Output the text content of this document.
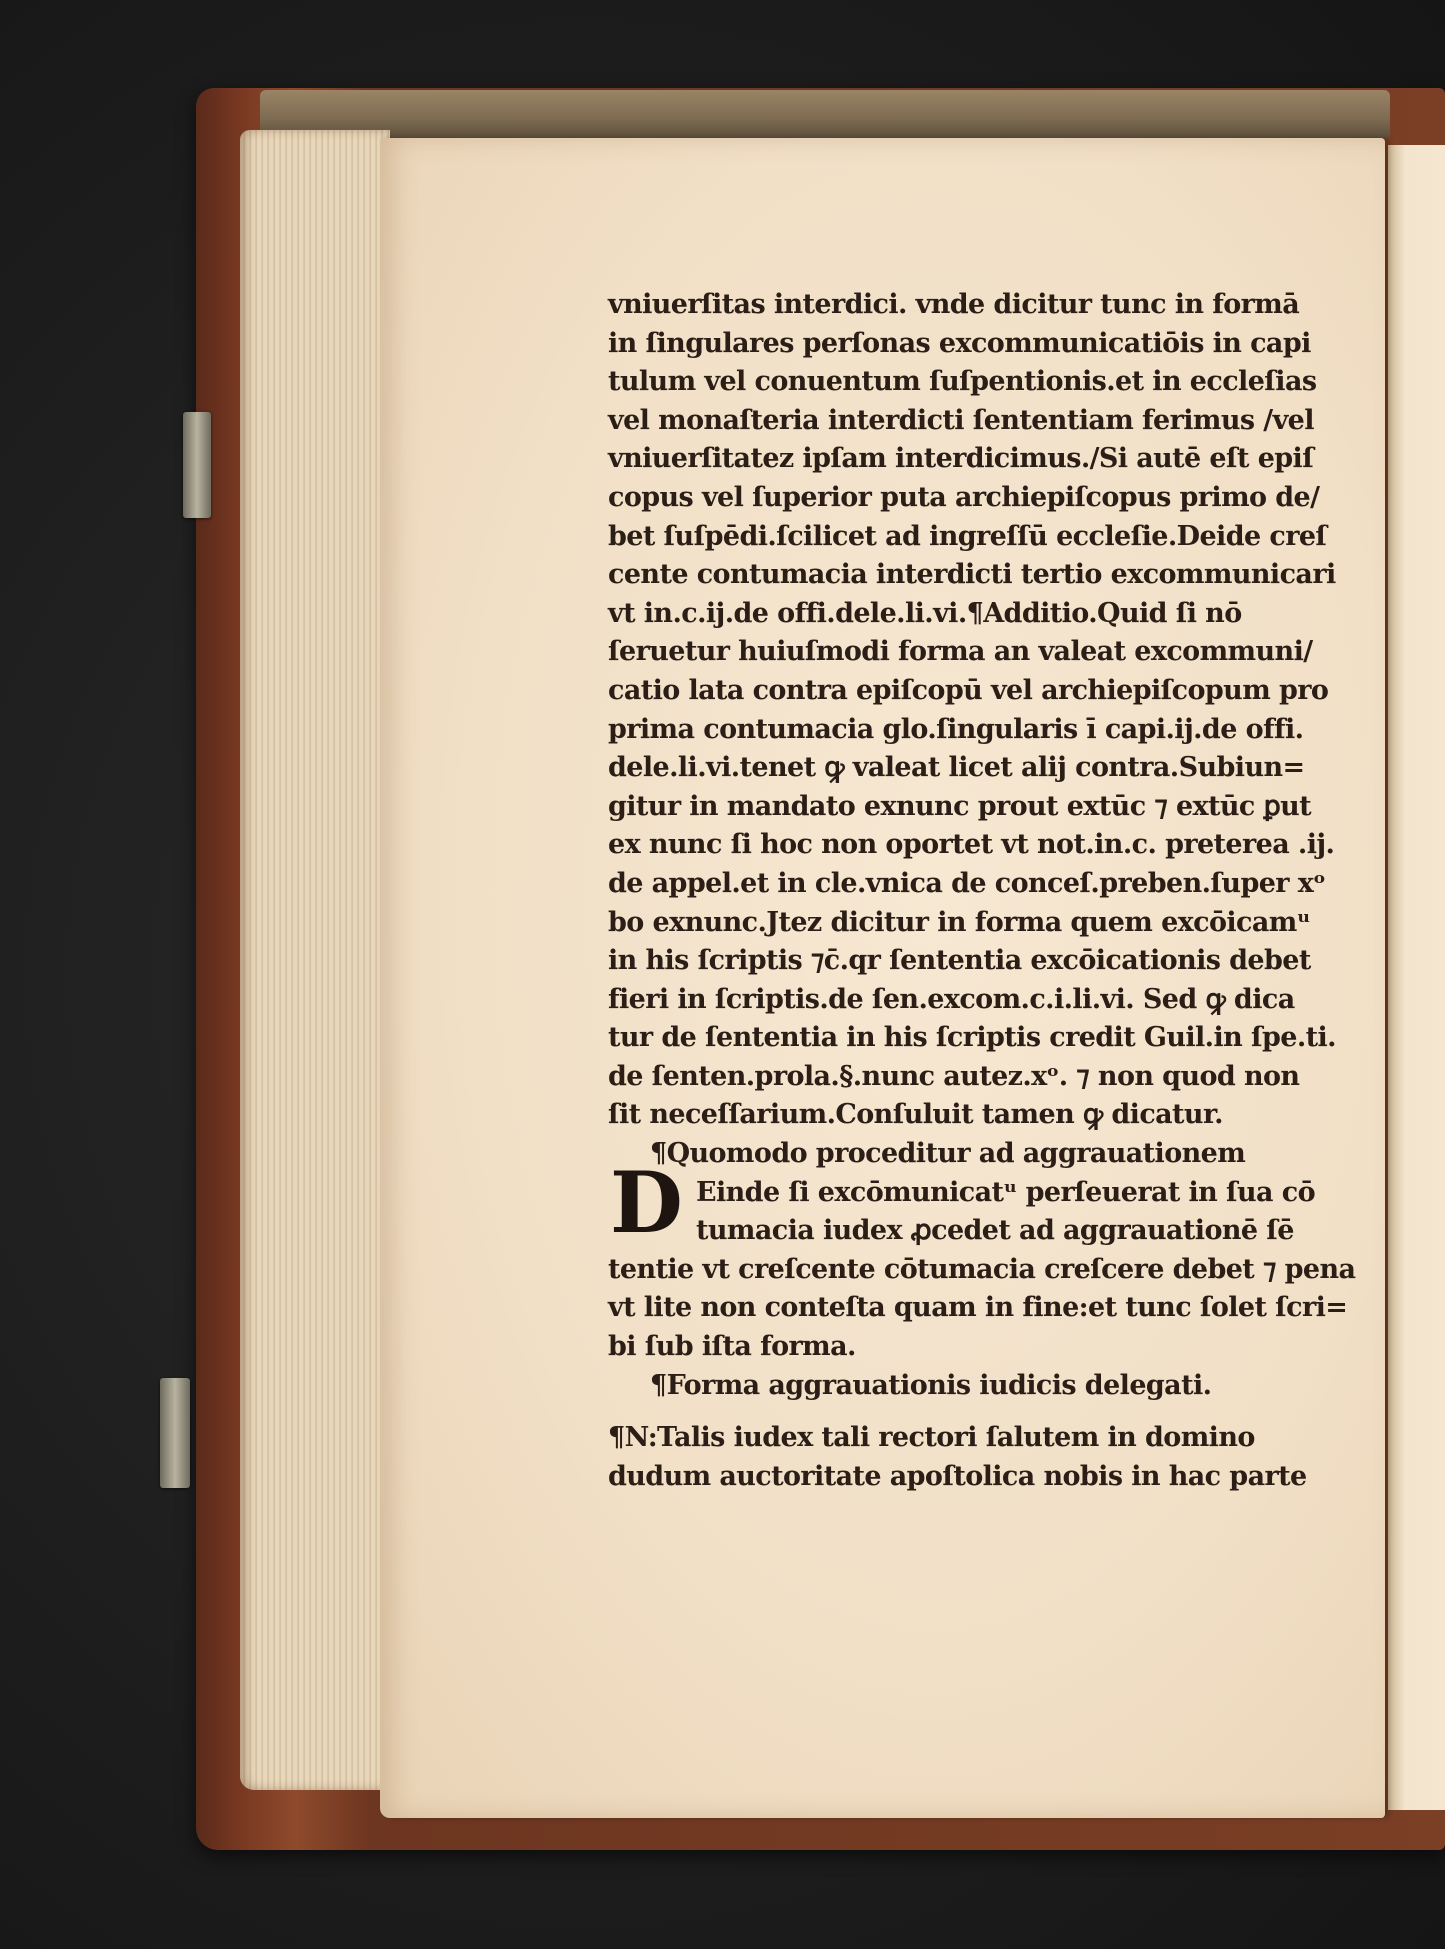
vniuerſitas interdici. vnde dicitur tunc in formā
in ſingulares perſonas excommunicatiōis in capi
tulum vel conuentum ſuſpentionis.et in eccleſias
vel monaſteria interdicti ſententiam ferimus /vel
vniuerſitatez ipſam interdicimus./Si autē eſt epiſ
copus vel ſuperior puta archiepiſcopus primo de/
bet ſuſpēdi.ſcilicet ad ingreſſū eccleſie.Deide creſ
cente contumacia interdicti tertio excommunicari
vt in.c.ij.de offi.dele.li.vi.¶Additio.Quid ſi nō
ſeruetur huiuſmodi forma an valeat excommuni/
catio lata contra epiſcopū vel archiepiſcopum pro
prima contumacia glo.ſingularis ī capi.ij.de offi.
dele.li.vi.tenet ꝙ valeat licet alij contra.Subiun=
gitur in mandato exnunc prout extūc ⁊ extūc ꝑut
ex nunc ſi hoc non oportet vt not.in.c. preterea .ij.
de appel.et in cle.vnica de conceſ.preben.ſuper xᵒ
bo exnunc.Jtez dicitur in forma quem excōicamᵘ
in his ſcriptis ⁊c̄.qr ſententia excōicationis debet
fieri in ſcriptis.de ſen.excom.c.i.li.vi. Sed ꝙ dica
tur de ſententia in his ſcriptis credit Guil.in ſpe.ti.
de ſenten.prola.§.nunc autez.xᵒ. ⁊ non quod non
ſit neceſſarium.Conſuluit tamen ꝙ dicatur.
¶Quomodo proceditur ad aggrauationem
Einde ſi excōmunicatᵘ perſeuerat in ſua cō
tumacia iudex ꝓcedet ad aggrauationē ſē
tentie vt creſcente cōtumacia creſcere debet ⁊ pena
vt lite non conteſta quam in fine:et tunc ſolet ſcri=
bi ſub iſta forma.
¶Forma aggrauationis iudicis delegati.
¶N:Talis iudex tali rectori ſalutem in domino
dudum auctoritate apoſtolica nobis in hac parte
D
